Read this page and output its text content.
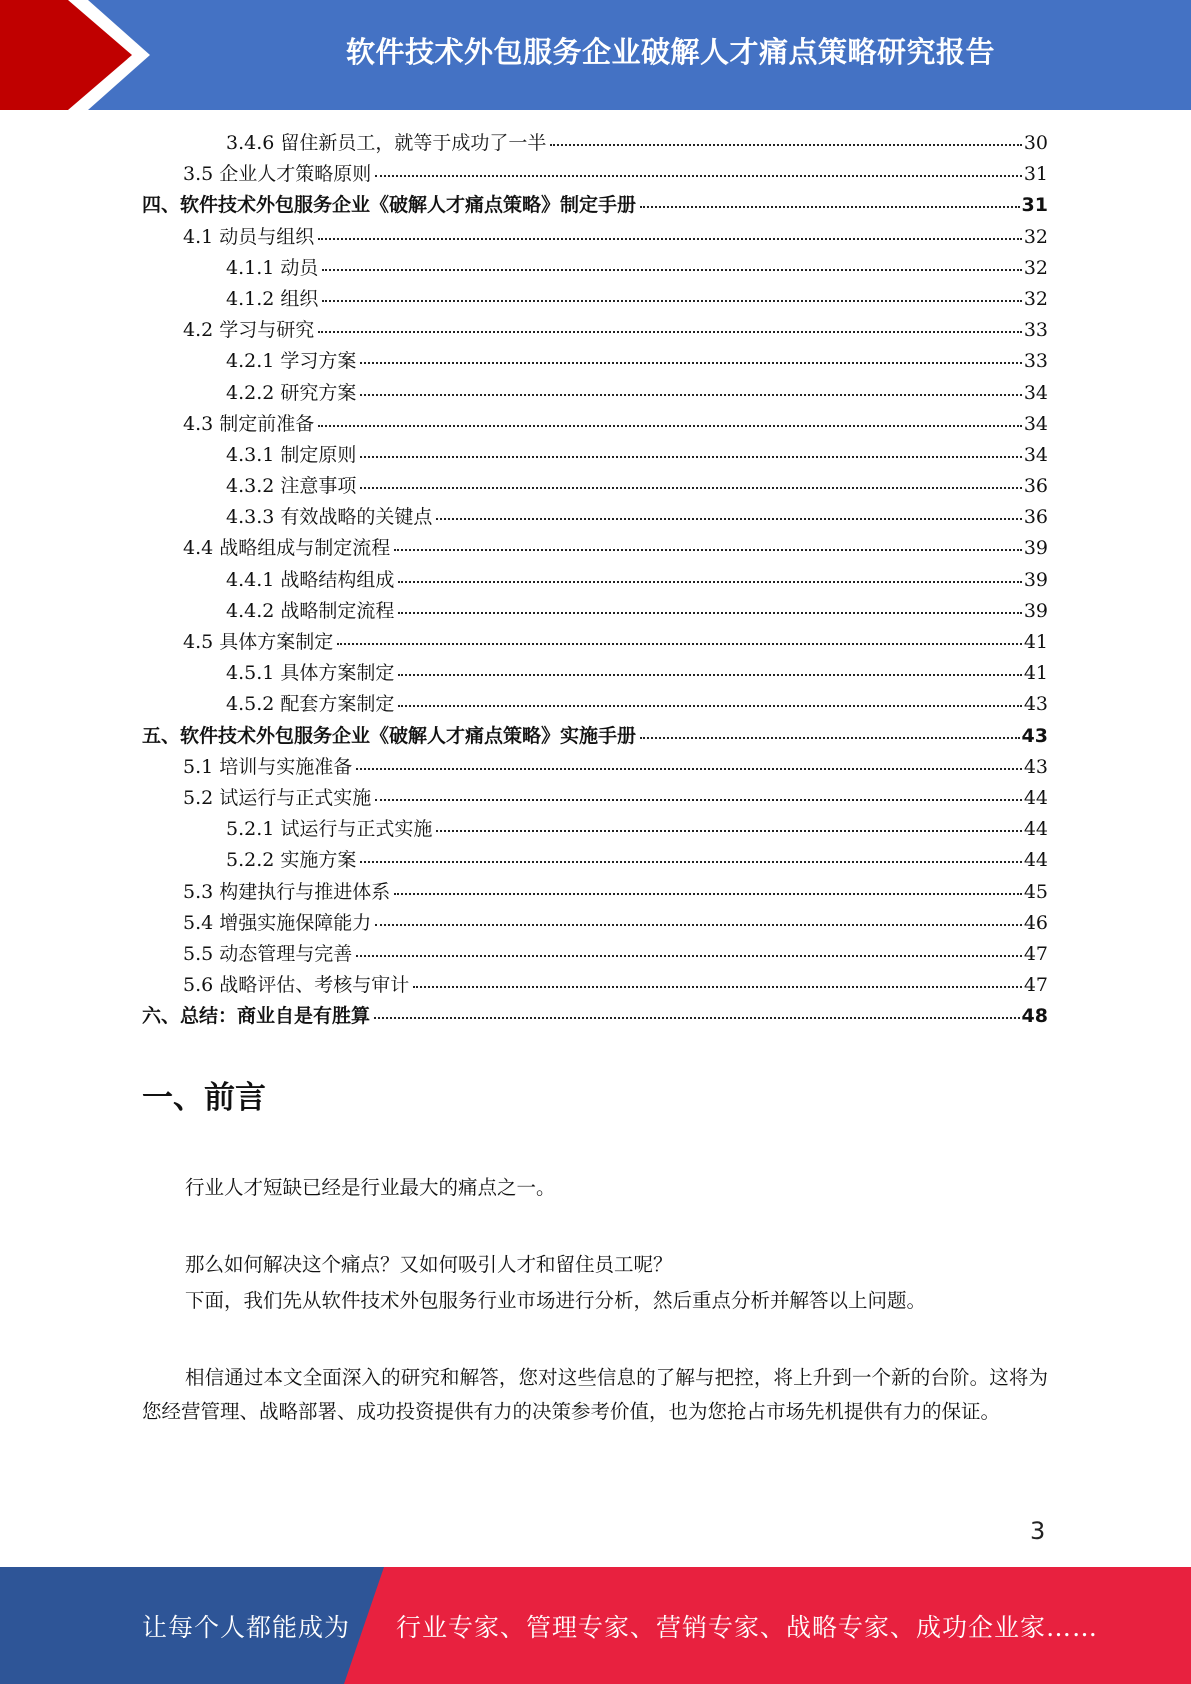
软件技术外包服务企业破解人才痛点策略研究报告
3.4.6 留住新员工，就等于成功了一半	30
3.5 企业人才策略原则	31
四、软件技术外包服务企业《破解人才痛点策略》制定手册	31
4.1 动员与组织	32
4.1.1 动员	32
4.1.2 组织	32
4.2 学习与研究	33
4.2.1 学习方案	33
4.2.2 研究方案	34
4.3 制定前准备	34
4.3.1 制定原则	34
4.3.2 注意事项	36
4.3.3 有效战略的关键点	36
4.4 战略组成与制定流程	39
4.4.1 战略结构组成	39
4.4.2 战略制定流程	39
4.5 具体方案制定	41
4.5.1 具体方案制定	41
4.5.2 配套方案制定	43
五、软件技术外包服务企业《破解人才痛点策略》实施手册	43
5.1 培训与实施准备	43
5.2 试运行与正式实施	44
5.2.1 试运行与正式实施	44
5.2.2 实施方案	44
5.3 构建执行与推进体系	45
5.4 增强实施保障能力	46
5.5 动态管理与完善	47
5.6 战略评估、考核与审计	47
六、总结：商业自是有胜算	48
一、前言
行业人才短缺已经是行业最大的痛点之一。
那么如何解决这个痛点？又如何吸引人才和留住员工呢？
下面，我们先从软件技术外包服务行业市场进行分析，然后重点分析并解答以上问题。
相信通过本文全面深入的研究和解答，您对这些信息的了解与把控，将上升到一个新的台阶。这将为您经营管理、战略部署、成功投资提供有力的决策参考价值，也为您抢占市场先机提供有力的保证。
3
让每个人都能成为 行业专家、管理专家、营销专家、战略专家、成功企业家……
